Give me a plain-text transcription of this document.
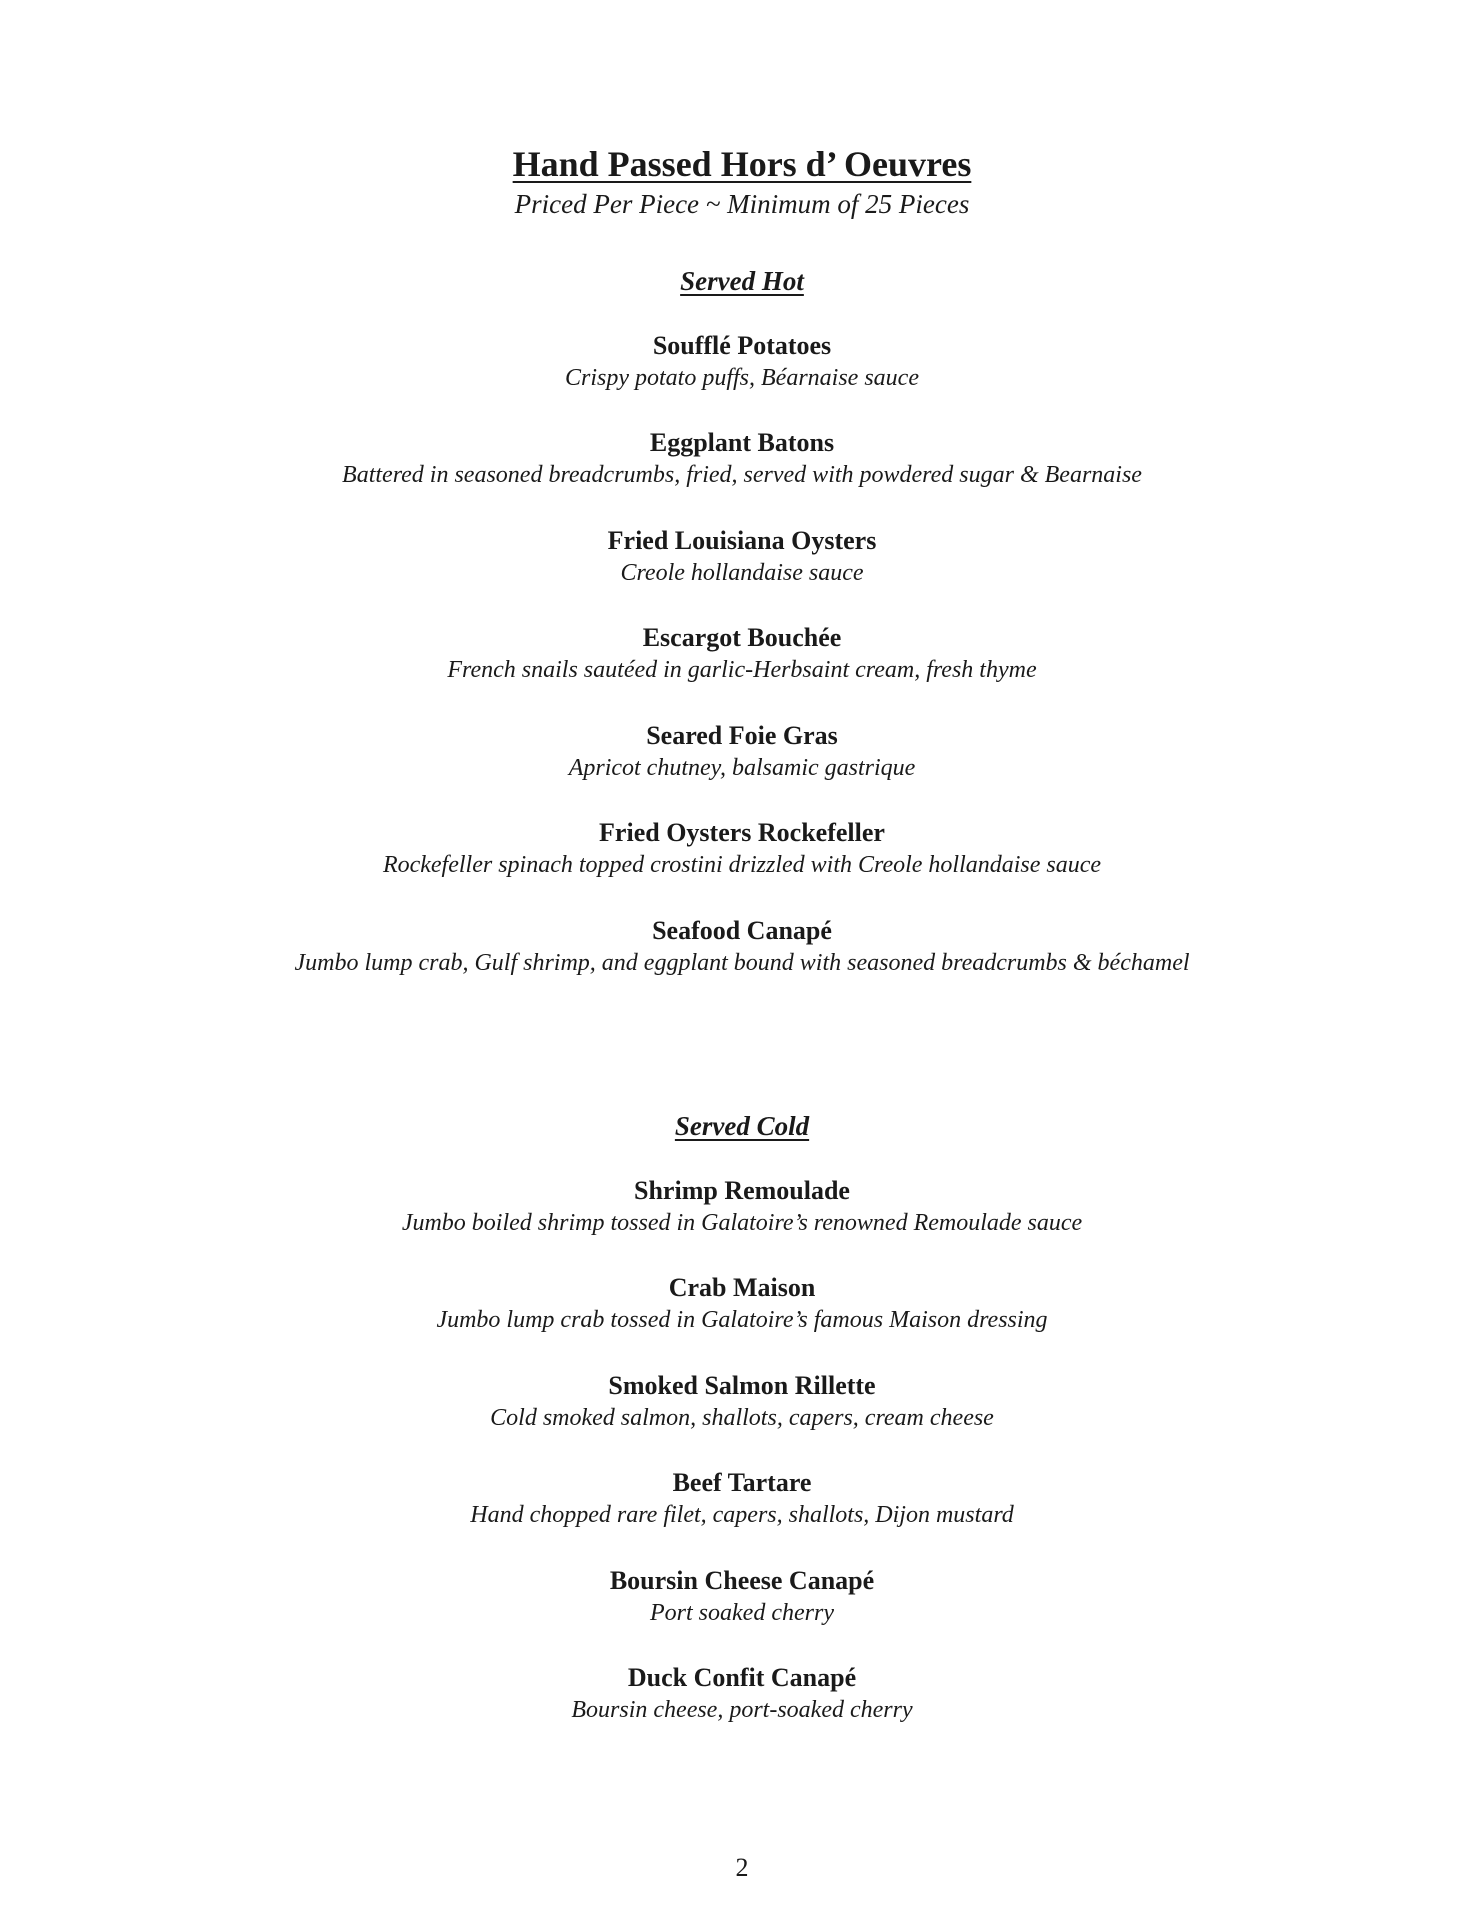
Hand Passed Hors d’ Oeuvres
Priced Per Piece ~ Minimum of 25 Pieces
Served Hot
Soufflé Potatoes
Crispy potato puffs, Béarnaise sauce
Eggplant Batons
Battered in seasoned breadcrumbs, fried, served with powdered sugar & Bearnaise
Fried Louisiana Oysters
Creole hollandaise sauce
Escargot Bouchée
French snails sautéed in garlic-Herbsaint cream, fresh thyme
Seared Foie Gras
Apricot chutney, balsamic gastrique
Fried Oysters Rockefeller
Rockefeller spinach topped crostini drizzled with Creole hollandaise sauce
Seafood Canapé
Jumbo lump crab, Gulf shrimp, and eggplant bound with seasoned breadcrumbs & béchamel
Served Cold
Shrimp Remoulade
Jumbo boiled shrimp tossed in Galatoire’s renowned Remoulade sauce
Crab Maison
Jumbo lump crab tossed in Galatoire’s famous Maison dressing
Smoked Salmon Rillette
Cold smoked salmon, shallots, capers, cream cheese
Beef Tartare
Hand chopped rare filet, capers, shallots, Dijon mustard
Boursin Cheese Canapé
Port soaked cherry
Duck Confit Canapé
Boursin cheese, port-soaked cherry
2
